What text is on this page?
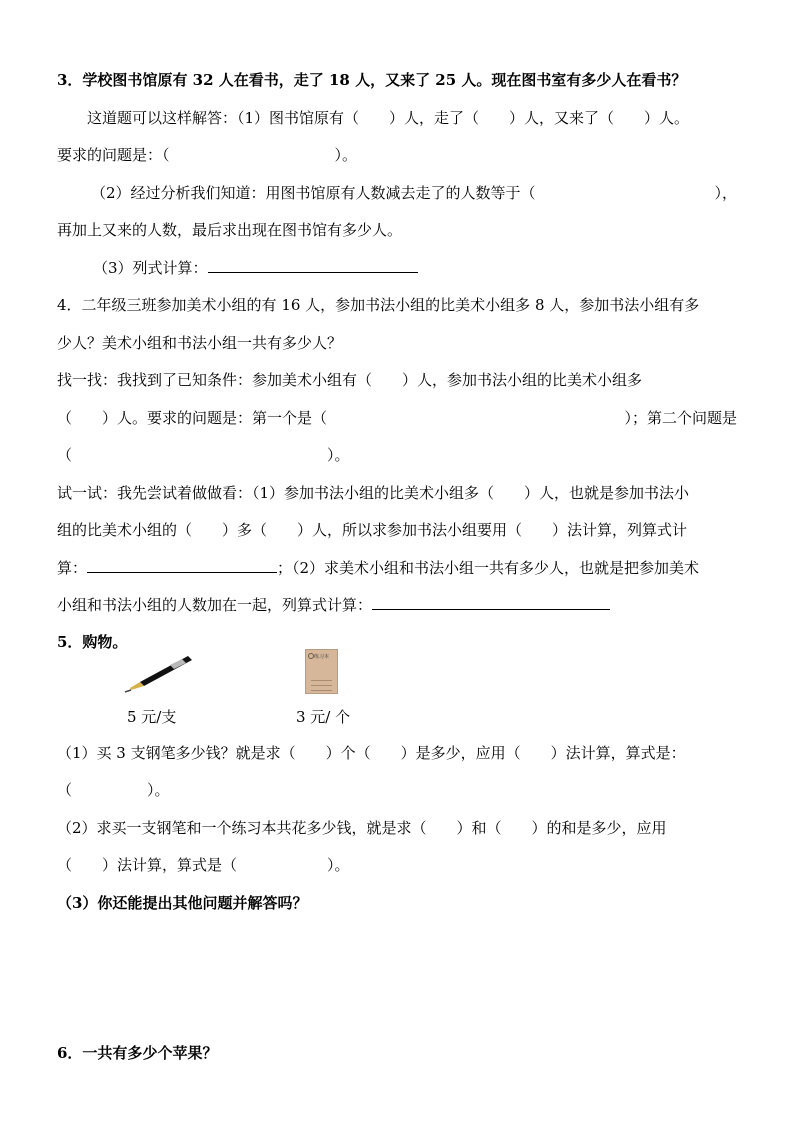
3．学校图书馆原有 32 人在看书，走了 18 人，又来了 25 人。现在图书室有多少人在看书？
这道题可以这样解答：（1）图书馆原有（　　）人，走了（　　）人，又来了（　　）人。
要求的问题是：（　　　　　　　　　　　）。
（2）经过分析我们知道：用图书馆原有人数减去走了的人数等于（	），
再加上又来的人数，最后求出现在图书馆有多少人。
（3）列式计算：
4．二年级三班参加美术小组的有 16 人，参加书法小组的比美术小组多 8 人，参加书法小组有多
少人？美术小组和书法小组一共有多少人？
找一找：我找到了已知条件：参加美术小组有（　　）人，参加书法小组的比美术小组多
（　　）人。要求的问题是：第一个是（	）；第二个问题是
（　　　　　　　　　　　　　　　　　）。
试一试：我先尝试着做做看：（1）参加书法小组的比美术小组多（　　）人，也就是参加书法小
组的比美术小组的（　　）多（　　）人，所以求参加书法小组要用（　　）法计算，列算式计
算：	；（2）求美术小组和书法小组一共有多少人，也就是把参加美术
小组和书法小组的人数加在一起，列算式计算：
5．购物。
练习本
5 元/支	3 元/ 个
（1）买 3 支钢笔多少钱？就是求（　　）个（　　）是多少，应用（　　）法计算，算式是：
（　　　　　）。
（2）求买一支钢笔和一个练习本共花多少钱，就是求（　　）和（　　）的和是多少，应用
（　　）法计算，算式是（　　　　　　）。
（3）你还能提出其他问题并解答吗？
6．一共有多少个苹果？
